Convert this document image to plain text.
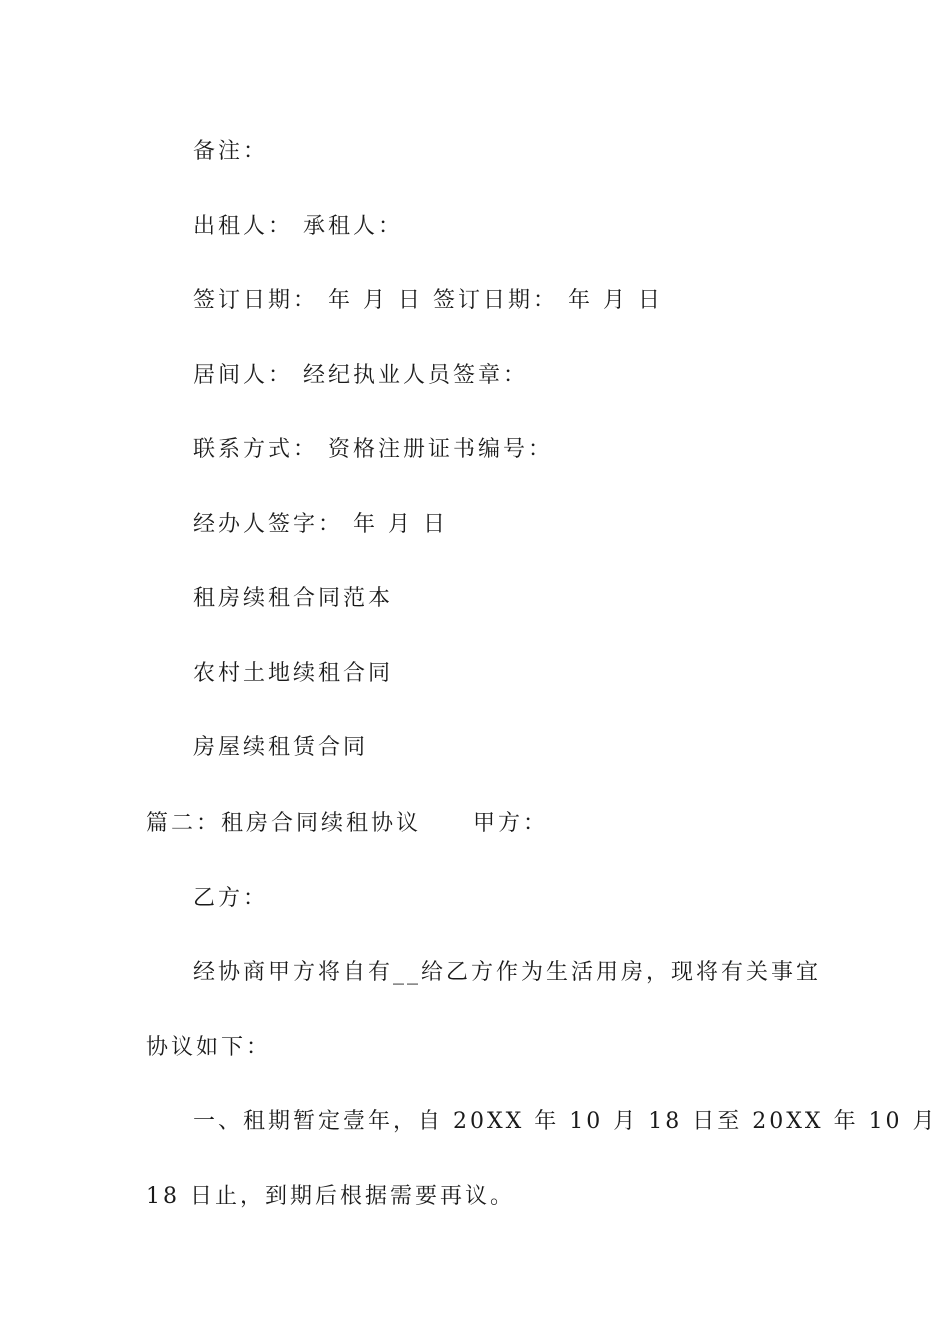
备注：
出租人： 承租人：
签订日期： 年 月 日 签订日期： 年 月 日
居间人： 经纪执业人员签章：
联系方式： 资格注册证书编号：
经办人签字： 年 月 日
租房续租合同范本
农村土地续租合同
房屋续租赁合同
篇二：租房合同续租协议 甲方：
乙方：
经协商甲方将自有__给乙方作为生活用房，现将有关事宜
协议如下：
一、租期暂定壹年，自 20XX 年 10 月 18 日至 20XX 年 10 月
18 日止，到期后根据需要再议。
